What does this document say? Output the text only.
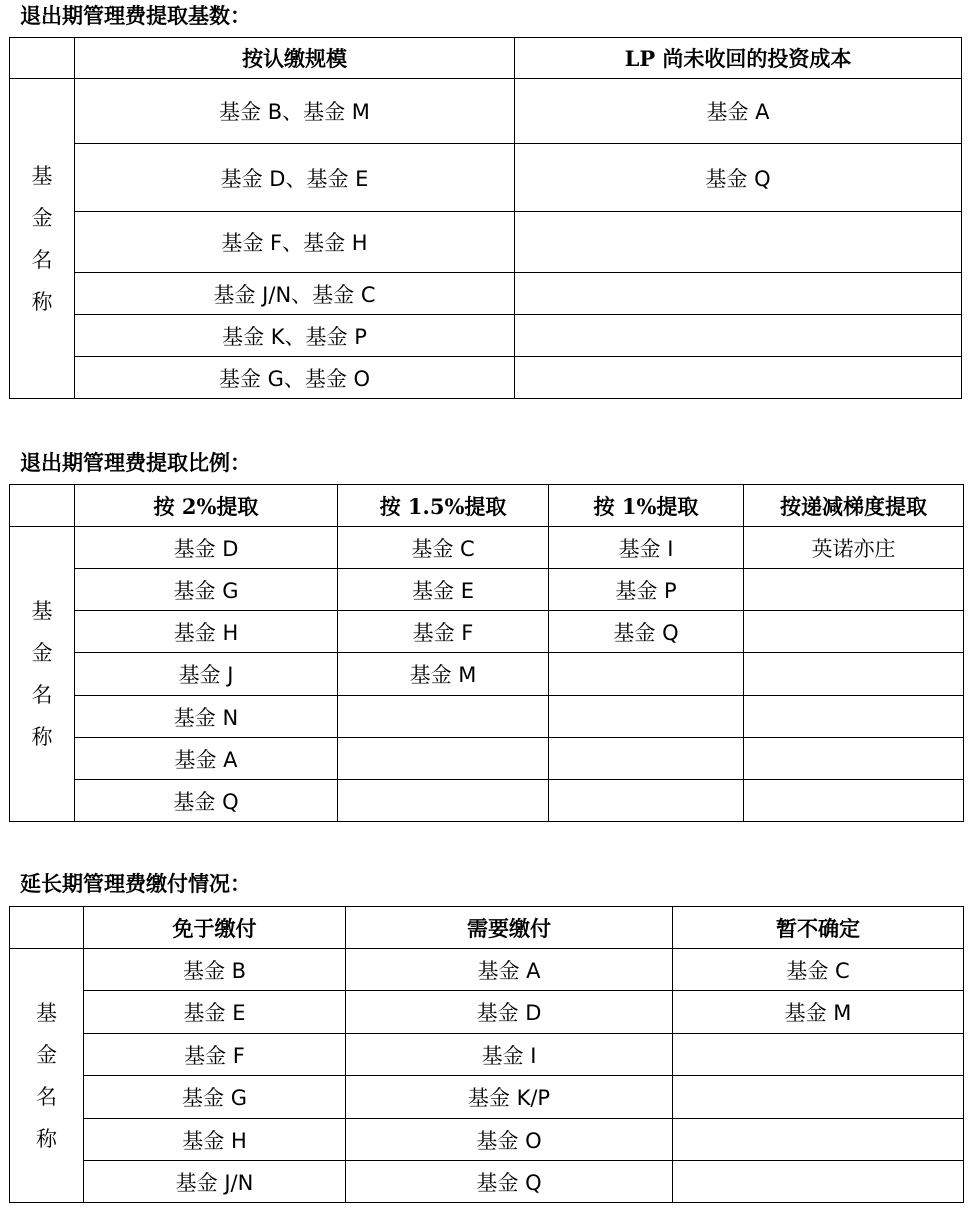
退出期管理费提取基数：
	按认缴规模	LP 尚未收回的投资成本

基
金
名
称	基金 B、基金 M	基金 A
	基金 D、基金 E	基金 Q
	基金 F、基金 H	
	基金 J/N、基金 C	
	基金 K、基金 P	
	基金 G、基金 O	
退出期管理费提取比例：
	按 2%提取	按 1.5%提取	按 1%提取	按递减梯度提取

基
金
名
称	基金 D	基金 C	基金 I	英诺亦庄
	基金 G	基金 E	基金 P	
	基金 H	基金 F	基金 Q	
	基金 J	基金 M		
	基金 N			
	基金 A			
	基金 Q			
延长期管理费缴付情况：
	免于缴付	需要缴付	暂不确定

基
金
名
称	基金 B	基金 A	基金 C
	基金 E	基金 D	基金 M
	基金 F	基金 I	
	基金 G	基金 K/P	
	基金 H	基金 O	
	基金 J/N	基金 Q	
